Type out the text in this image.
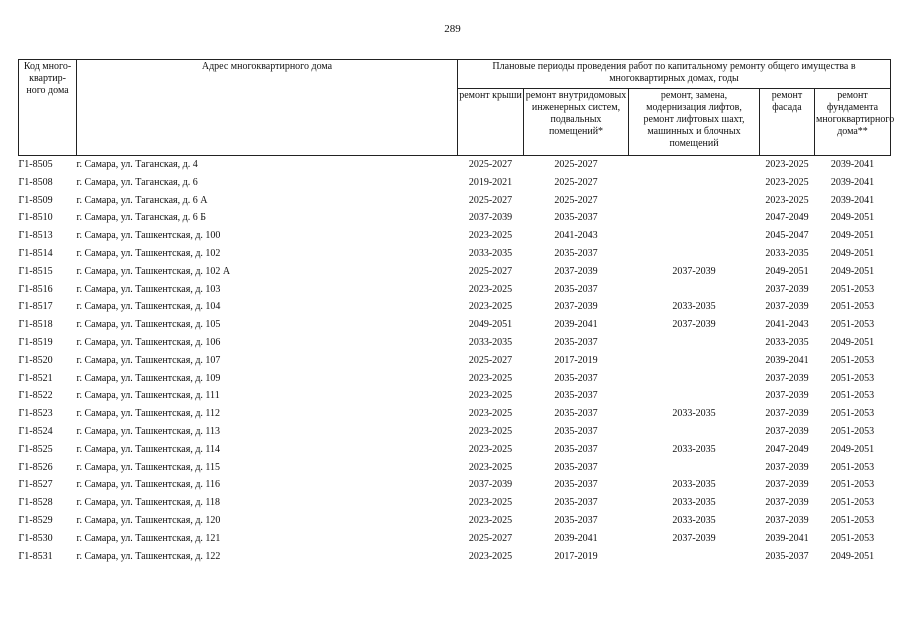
289
Код много-квартир-ного дома	Адрес многоквартирного дома	Плановые периоды проведения работ по капитальному ремонту общего имущества в многоквартирных домах, годы				
		ремонт крыши	ремонт внутридомовых инженерных систем, подвальных помещений*	ремонт, замена, модернизация лифтов, ремонт лифтовых шахт, машинных и блочных помещений	ремонт фасада	ремонт фундамента многоквартирного дома**
Г1-8505	г. Самара, ул. Таганская, д. 4	2025-2027	2025-2027		2023-2025	2039-2041
Г1-8508	г. Самара, ул. Таганская, д. 6	2019-2021	2025-2027		2023-2025	2039-2041
Г1-8509	г. Самара, ул. Таганская, д. 6 А	2025-2027	2025-2027		2023-2025	2039-2041
Г1-8510	г. Самара, ул. Таганская, д. 6 Б	2037-2039	2035-2037		2047-2049	2049-2051
Г1-8513	г. Самара, ул. Ташкентская, д. 100	2023-2025	2041-2043		2045-2047	2049-2051
Г1-8514	г. Самара, ул. Ташкентская, д. 102	2033-2035	2035-2037		2033-2035	2049-2051
Г1-8515	г. Самара, ул. Ташкентская, д. 102 А	2025-2027	2037-2039	2037-2039	2049-2051	2049-2051
Г1-8516	г. Самара, ул. Ташкентская, д. 103	2023-2025	2035-2037		2037-2039	2051-2053
Г1-8517	г. Самара, ул. Ташкентская, д. 104	2023-2025	2037-2039	2033-2035	2037-2039	2051-2053
Г1-8518	г. Самара, ул. Ташкентская, д. 105	2049-2051	2039-2041	2037-2039	2041-2043	2051-2053
Г1-8519	г. Самара, ул. Ташкентская, д. 106	2033-2035	2035-2037		2033-2035	2049-2051
Г1-8520	г. Самара, ул. Ташкентская, д. 107	2025-2027	2017-2019		2039-2041	2051-2053
Г1-8521	г. Самара, ул. Ташкентская, д. 109	2023-2025	2035-2037		2037-2039	2051-2053
Г1-8522	г. Самара, ул. Ташкентская, д. 111	2023-2025	2035-2037		2037-2039	2051-2053
Г1-8523	г. Самара, ул. Ташкентская, д. 112	2023-2025	2035-2037	2033-2035	2037-2039	2051-2053
Г1-8524	г. Самара, ул. Ташкентская, д. 113	2023-2025	2035-2037		2037-2039	2051-2053
Г1-8525	г. Самара, ул. Ташкентская, д. 114	2023-2025	2035-2037	2033-2035	2047-2049	2049-2051
Г1-8526	г. Самара, ул. Ташкентская, д. 115	2023-2025	2035-2037		2037-2039	2051-2053
Г1-8527	г. Самара, ул. Ташкентская, д. 116	2037-2039	2035-2037	2033-2035	2037-2039	2051-2053
Г1-8528	г. Самара, ул. Ташкентская, д. 118	2023-2025	2035-2037	2033-2035	2037-2039	2051-2053
Г1-8529	г. Самара, ул. Ташкентская, д. 120	2023-2025	2035-2037	2033-2035	2037-2039	2051-2053
Г1-8530	г. Самара, ул. Ташкентская, д. 121	2025-2027	2039-2041	2037-2039	2039-2041	2051-2053
Г1-8531	г. Самара, ул. Ташкентская, д. 122	2023-2025	2017-2019		2035-2037	2049-2051
